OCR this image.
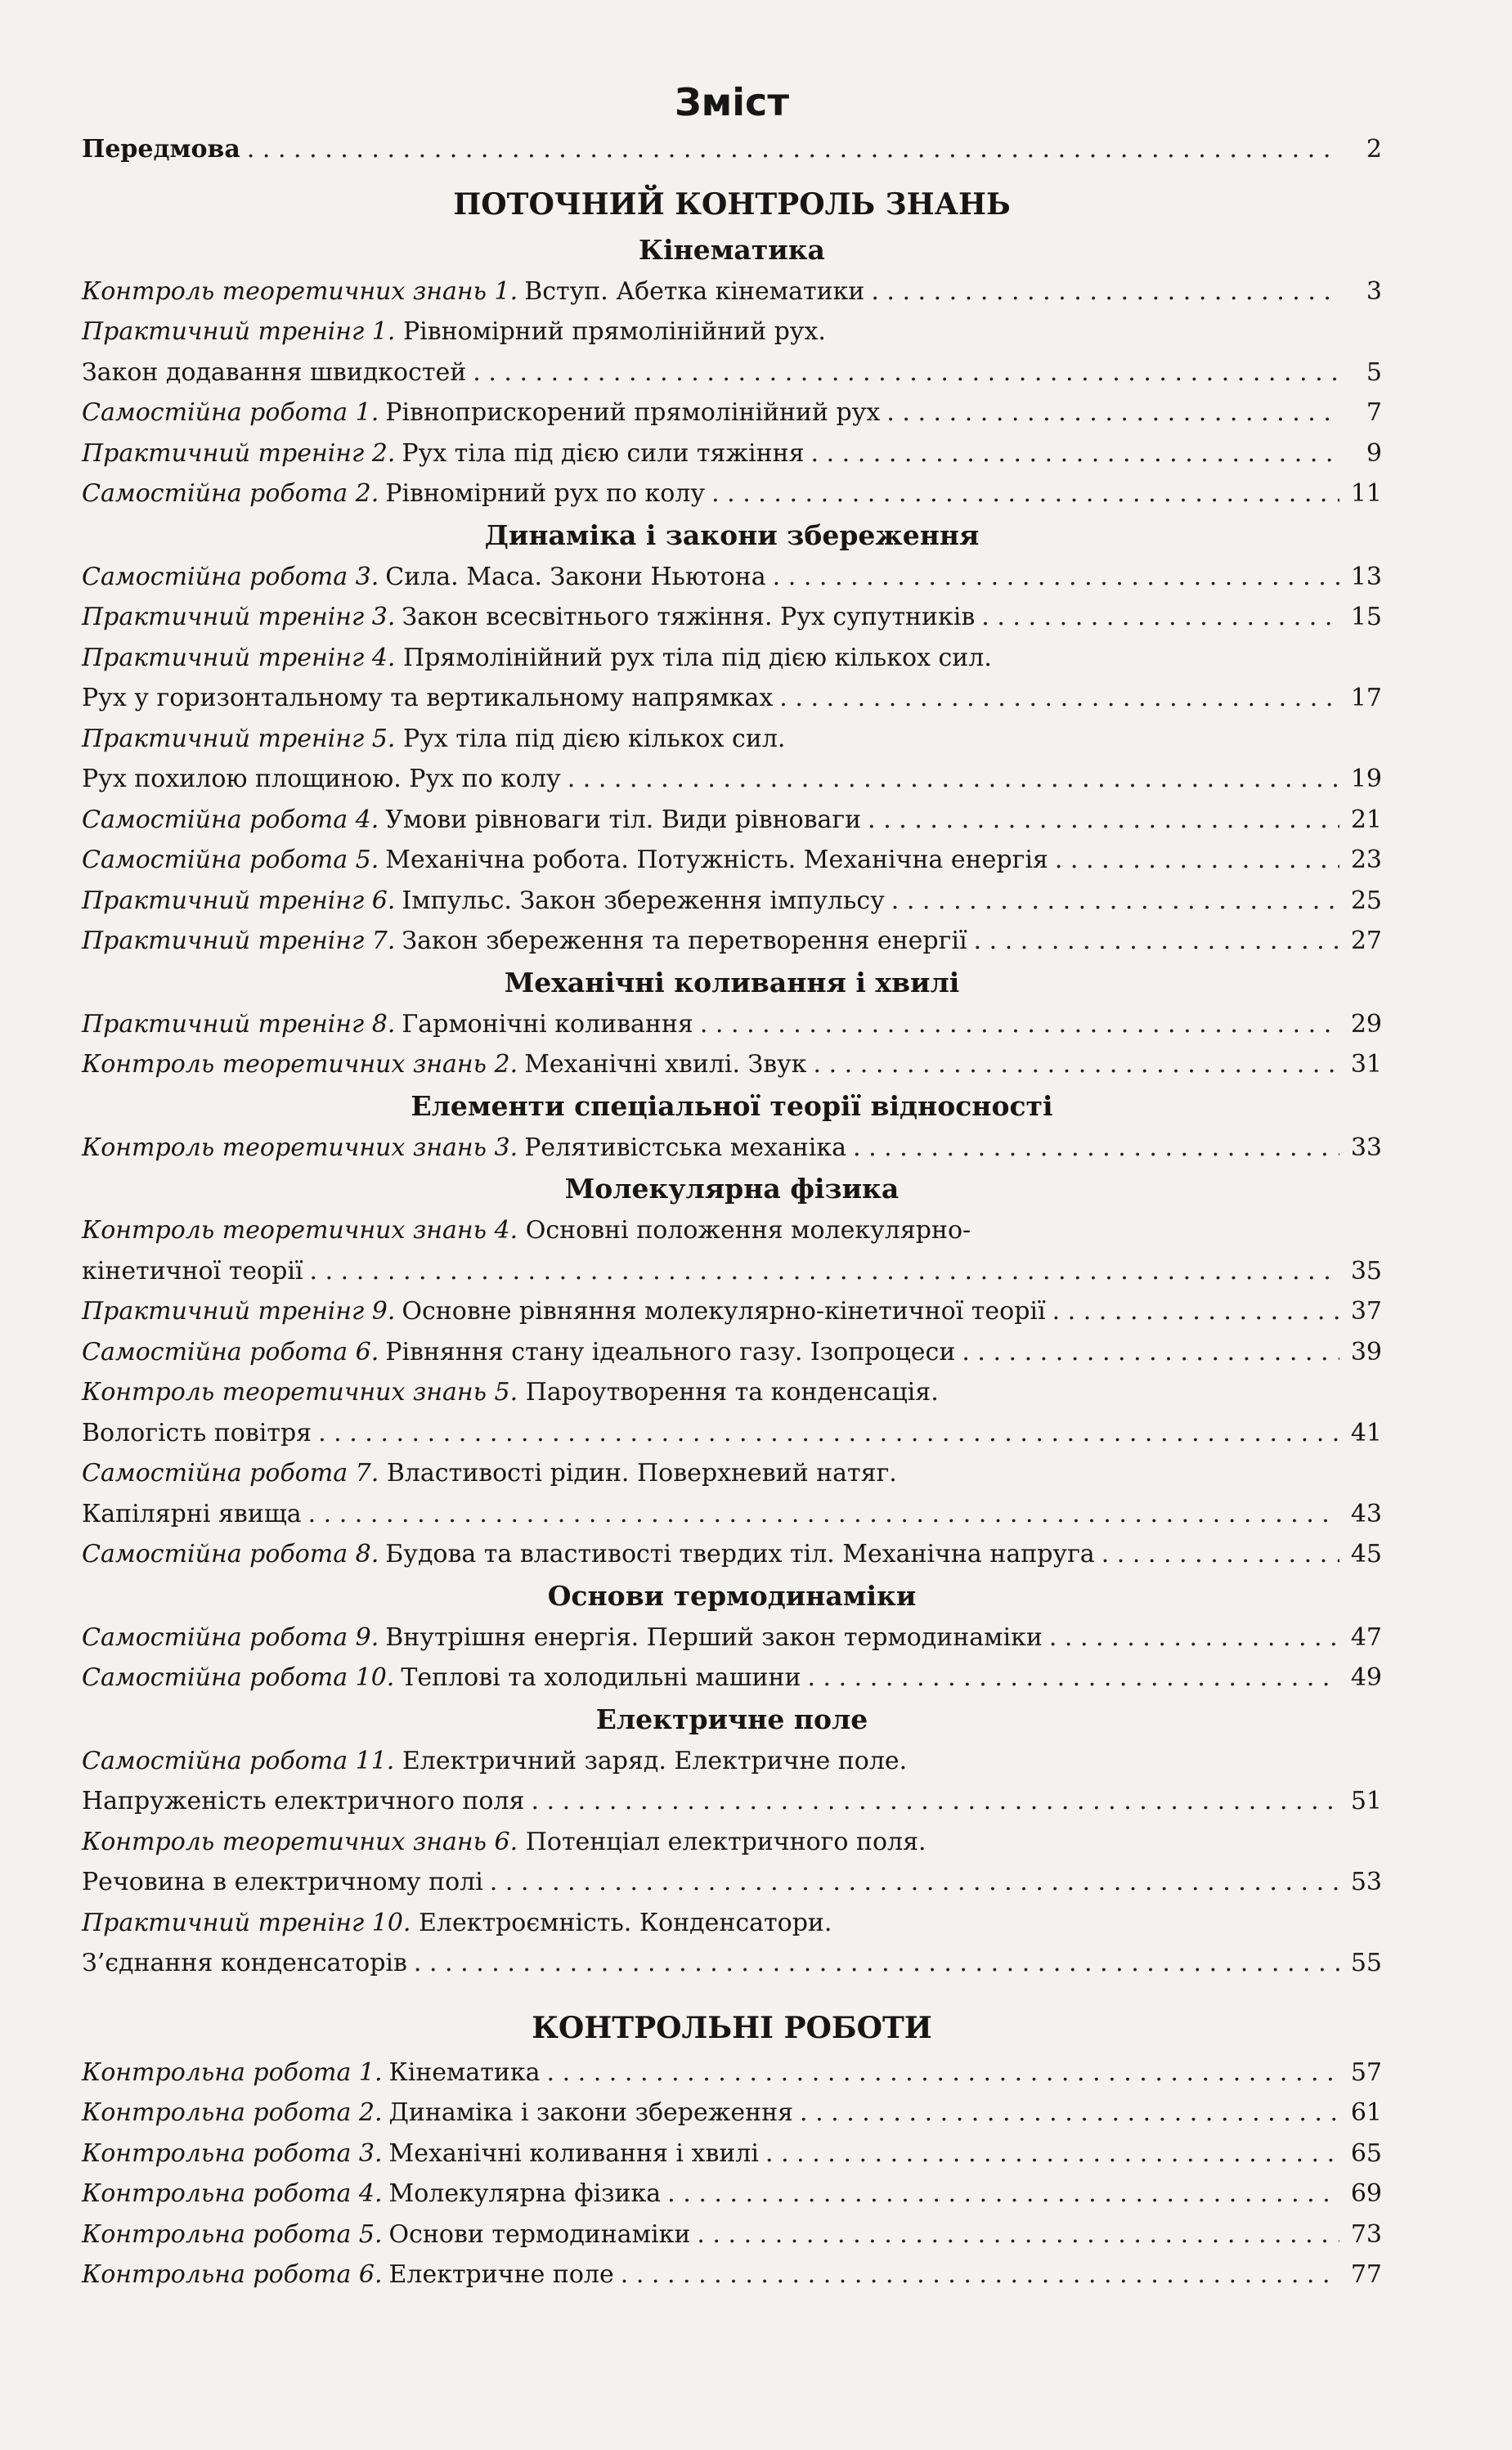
Зміст
Передмова . . .	2
ПОТОЧНИЙ КОНТРОЛЬ ЗНАНЬ
Кінематика
Контроль теоретичних знань 1. Вступ. Абетка кінематики . . .	3
Практичний тренінг 1. Рівномірний прямолінійний рух.
Закон додавання швидкостей . . .	5
Самостійна робота 1. Рівноприскорений прямолінійний рух . . .	7
Практичний тренінг 2. Рух тіла під дією сили тяжіння . . .	9
Самостійна робота 2. Рівномірний рух по колу . . .	11
Динаміка і закони збереження
Самостійна робота 3. Сила. Маса. Закони Ньютона . . .	13
Практичний тренінг 3. Закон всесвітнього тяжіння. Рух супутників . . .	15
Практичний тренінг 4. Прямолінійний рух тіла під дією кількох сил.
Рух у горизонтальному та вертикальному напрямках . . .	17
Практичний тренінг 5. Рух тіла під дією кількох сил.
Рух похилою площиною. Рух по колу . . .	19
Самостійна робота 4. Умови рівноваги тіл. Види рівноваги . . .	21
Самостійна робота 5. Механічна робота. Потужність. Механічна енергія . . .	23
Практичний тренінг 6. Імпульс. Закон збереження імпульсу . . .	25
Практичний тренінг 7. Закон збереження та перетворення енергії . . .	27
Механічні коливання і хвилі
Практичний тренінг 8. Гармонічні коливання . . .	29
Контроль теоретичних знань 2. Механічні хвилі. Звук . . .	31
Елементи спеціальної теорії відносності
Контроль теоретичних знань 3. Релятивістська механіка . . .	33
Молекулярна фізика
Контроль теоретичних знань 4. Основні положення молекулярно-
кінетичної теорії . . .	35
Практичний тренінг 9. Основне рівняння молекулярно-кінетичної теорії . . .	37
Самостійна робота 6. Рівняння стану ідеального газу. Ізопроцеси . . .	39
Контроль теоретичних знань 5. Пароутворення та конденсація.
Вологість повітря . . .	41
Самостійна робота 7. Властивості рідин. Поверхневий натяг.
Капілярні явища . . .	43
Самостійна робота 8. Будова та властивості твердих тіл. Механічна напруга . . .	45
Основи термодинаміки
Самостійна робота 9. Внутрішня енергія. Перший закон термодинаміки . . .	47
Самостійна робота 10. Теплові та холодильні машини . . .	49
Електричне поле
Самостійна робота 11. Електричний заряд. Електричне поле.
Напруженість електричного поля . . .	51
Контроль теоретичних знань 6. Потенціал електричного поля.
Речовина в електричному полі . . .	53
Практичний тренінг 10. Електроємність. Конденсатори.
З’єднання конденсаторів . . .	55
КОНТРОЛЬНІ РОБОТИ
Контрольна робота 1. Кінематика . . .	57
Контрольна робота 2. Динаміка і закони збереження . . .	61
Контрольна робота 3. Механічні коливання і хвилі . . .	65
Контрольна робота 4. Молекулярна фізика . . .	69
Контрольна робота 5. Основи термодинаміки . . .	73
Контрольна робота 6. Електричне поле . . .	77
